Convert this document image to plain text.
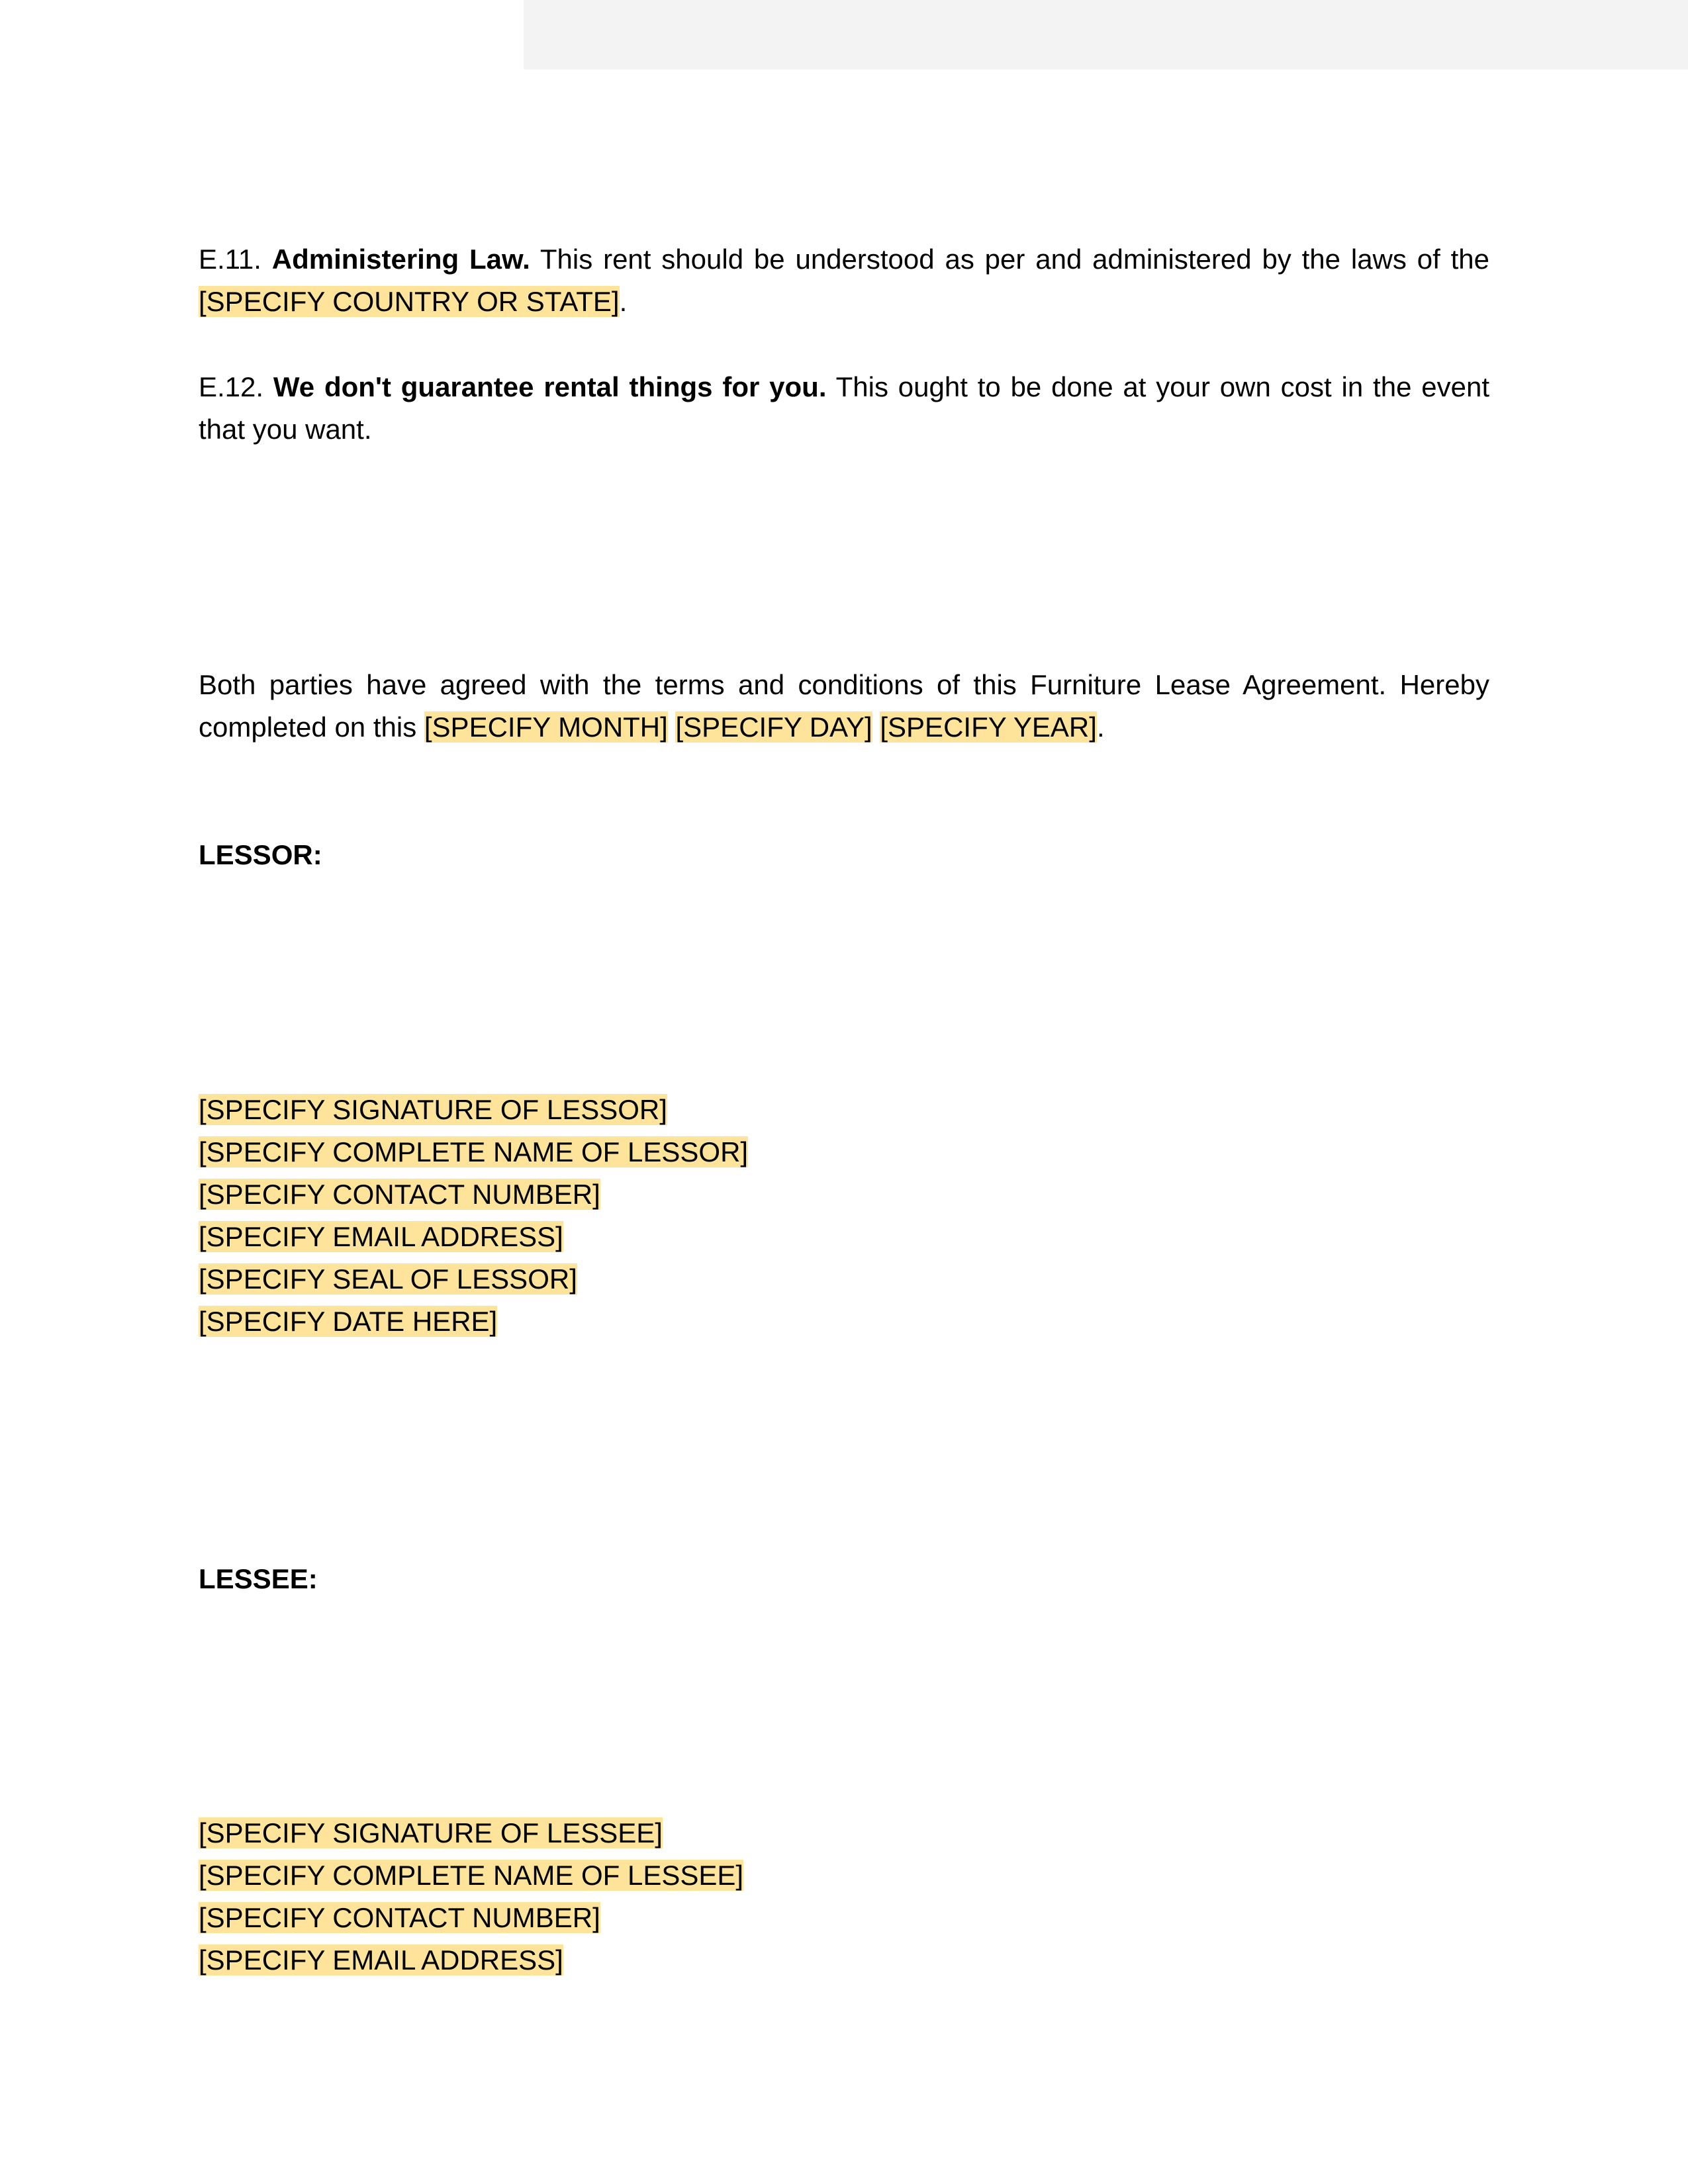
E.11. Administering Law. This rent should be understood as per and administered by the laws of the [SPECIFY COUNTRY OR STATE].

E.12. We don't guarantee rental things for you. This ought to be done at your own cost in the event that you want.

Both parties have agreed with the terms and conditions of this Furniture Lease Agreement. Hereby completed on this [SPECIFY MONTH] [SPECIFY DAY] [SPECIFY YEAR].

LESSOR:

[SPECIFY SIGNATURE OF LESSOR]
[SPECIFY COMPLETE NAME OF LESSOR]
[SPECIFY CONTACT NUMBER]
[SPECIFY EMAIL ADDRESS]
[SPECIFY SEAL OF LESSOR]
[SPECIFY DATE HERE]

LESSEE:

[SPECIFY SIGNATURE OF LESSEE]
[SPECIFY COMPLETE NAME OF LESSEE]
[SPECIFY CONTACT NUMBER]
[SPECIFY EMAIL ADDRESS]
